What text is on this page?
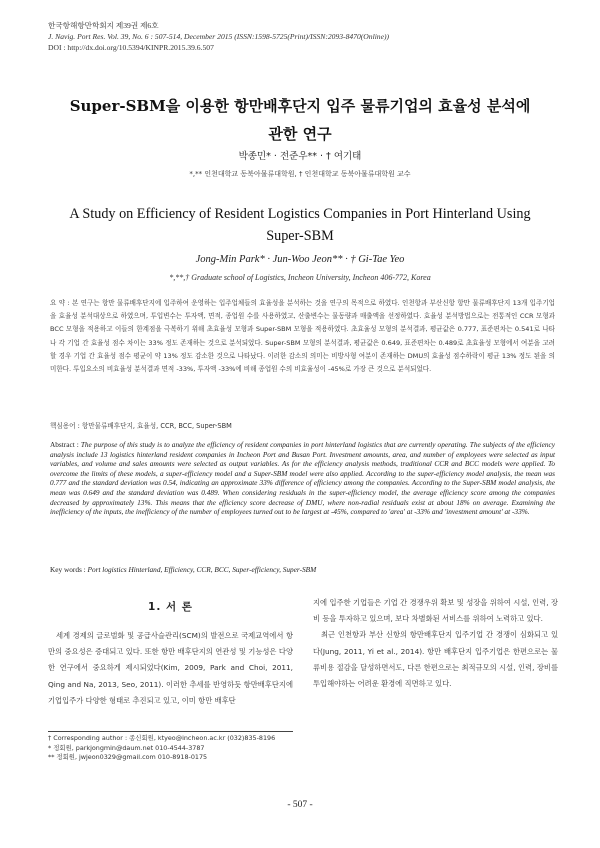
한국항해항만학회지 제39권 제6호
J. Navig. Port Res. Vol. 39, No. 6 : 507-514, December 2015 (ISSN:1598-5725(Print)/ISSN:2093-8470(Online))
DOI : http://dx.doi.org/10.5394/KINPR.2015.39.6.507
Super-SBM을 이용한 항만배후단지 입주 물류기업의 효율성 분석에
관한 연구
박종민* · 전준우** · † 여기태
*,** 인천대학교 동북아물류대학원, † 인천대학교 동북아물류대학원 교수
A Study on Efficiency of Resident Logistics Companies in Port Hinterland Using
Super-SBM
Jong-Min Park* · Jun-Woo Jeon** · † Gi-Tae Yeo
*,**,† Graduate school of Logistics, Incheon University, Incheon 406-772, Korea
요 약 : 본 연구는 항만 물류배후단지에 입주하여 운영하는 입주업체들의 효율성을 분석하는 것을 연구의 목적으로 하였다. 인천항과 부산신항 항만 물류배후단지 13개 입주기업을 효율성 분석대상으로 하였으며, 투입변수는 투자액, 면적, 종업원 수를 사용하였고, 산출변수는 물동량과 매출액을 선정하였다. 효율성 분석방법으로는 전통적인 CCR 모형과 BCC 모형을 적용하고 이들의 한계점을 극복하기 위해 초효율성 모형과 Super-SBM 모형을 적용하였다. 초효율성 모형의 분석결과, 평균값은 0.777, 표준편차는 0.541로 나타나 각 기업 간 효율성 점수 차이는 33% 정도 존재하는 것으로 분석되었다. Super-SBM 모형의 분석결과, 평균값은 0.649, 표준편차는 0.489로 초효율성 모형에서 여분을 고려할 경우 기업 간 효율성 점수 평균이 약 13% 정도 감소한 것으로 나타났다. 이러한 감소의 의미는 비방사형 여분이 존재하는 DMU의 효율성 점수하락이 평균 13% 정도 된을 의미한다. 투입요소의 비효율성 분석결과 면적 -33%, 투자액 -33%에 비해 종업원 수의 비효율성이 -45%로 가장 큰 것으로 분석되었다.
핵심용어 : 항만물류배후단지, 효율성, CCR, BCC, Super-SBM
Abstract : The purpose of this study is to analyze the efficiency of resident companies in port hinterland logistics that are currently operating. The subjects of the efficiency analysis include 13 logistics hinterland resident companies in Incheon Port and Busan Port. Investment amounts, area, and number of employees were selected as input variables, and volume and sales amounts were selected as output variables. As for the efficiency analysis methods, traditional CCR and BCC models were applied. To overcome the limits of these models, a super-efficiency model and a Super-SBM model were also applied. According to the super-efficiency model analysis, the mean was 0.777 and the standard deviation was 0.54, indicating an approximate 33% difference of efficiency among the companies. According to the Super-SBM model analysis, the mean was 0.649 and the standard deviation was 0.489. When considering residuals in the super-efficiency model, the average efficiency score among the companies decreased by approximately 13%. This means that the efficiency score decrease of DMU, where non-radial residuals exist at about 18% on average. Examining the inefficiency of the inputs, the inefficiency of the number of employees turned out to be largest at -45%, compared to 'area' at -33% and 'investment amount' at -33%.
Key words : Port logistics Hinterland, Efficiency, CCR, BCC, Super-efficiency, Super-SBM
1. 서 론

세계 경제의 글로벌화 및 공급사슬관리(SCM)의 발전으로 국제교역에서 항만의 중요성은 증대되고 있다. 또한 항만 배후단지의 연관성 및 기능성은 다양한 연구에서 중요하게 제시되었다(Kim, 2009, Park and Choi, 2011, Qing and Na, 2013, Seo, 2011). 이러한 추세를 반영하듯 항만배후단지에 기업입주가 다양한 형태로 추진되고 있고, 이미 항만 배후단

지에 입주한 기업들은 기업 간 경쟁우위 확보 및 성장을 위하여 시설, 인력, 장비 등을 투자하고 있으며, 보다 차별화된 서비스를 위하여 노력하고 있다.

최근 인천항과 부산 신항의 항만배후단지 입주기업 간 경쟁이 심화되고 있다(Jung, 2011, Yi et al., 2014). 항만 배후단지 입주기업은 한편으로는 물류비용 절감을 달성하면서도, 다른 한편으로는 최적규모의 시설, 인력, 장비를 투입해야하는 어려운 환경에 직면하고 있다.

† Corresponding author : 종신회원, ktyeo@incheon.ac.kr (032)835-8196
* 정회원, parkjongmin@daum.net 010-4544-3787
** 정회원, jwjeon0329@gmail.com 010-8918-0175
- 507 -
